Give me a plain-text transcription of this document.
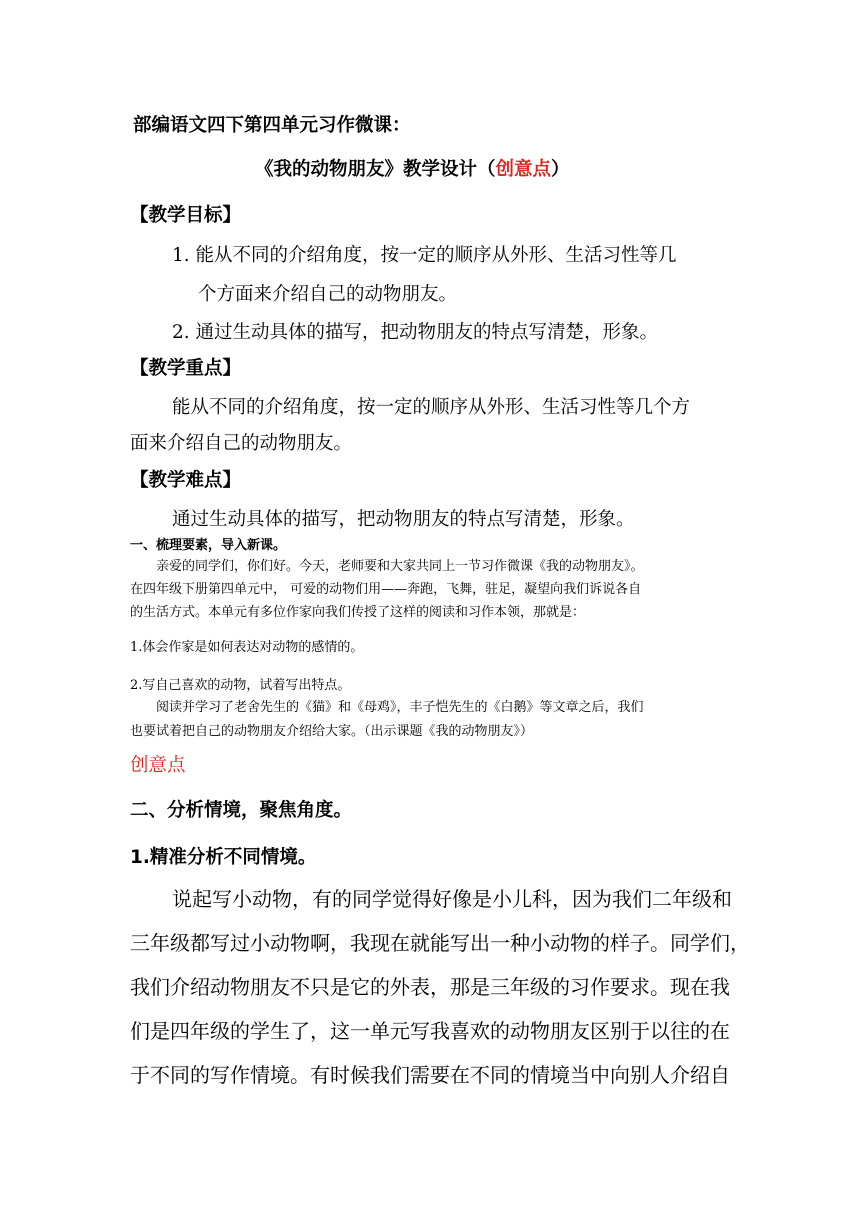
部编语文四下第四单元习作微课：

《我的动物朋友》教学设计（创意点）

【教学目标】

1. 能从不同的介绍角度，按一定的顺序从外形、生活习性等几

个方面来介绍自己的动物朋友。

2. 通过生动具体的描写，把动物朋友的特点写清楚，形象。

【教学重点】

能从不同的介绍角度，按一定的顺序从外形、生活习性等几个方

面来介绍自己的动物朋友。

【教学难点】

通过生动具体的描写，把动物朋友的特点写清楚，形象。

一、梳理要素，导入新课。

亲爱的同学们，你们好。今天，老师要和大家共同上一节习作微课《我的动物朋友》。

在四年级下册第四单元中， 可爱的动物们用——奔跑，飞舞，驻足，凝望向我们诉说各自

的生活方式。本单元有多位作家向我们传授了这样的阅读和习作本领，那就是：

1.体会作家是如何表达对动物的感情的。

2.写自己喜欢的动物，试着写出特点。

阅读并学习了老舍先生的《猫》和《母鸡》，丰子恺先生的《白鹅》等文章之后，我们

也要试着把自己的动物朋友介绍给大家。（出示课题《我的动物朋友》）

创意点

二、分析情境，聚焦角度。

1.精准分析不同情境。

说起写小动物，有的同学觉得好像是小儿科，因为我们二年级和

三年级都写过小动物啊，我现在就能写出一种小动物的样子。同学们，

我们介绍动物朋友不只是它的外表，那是三年级的习作要求。现在我

们是四年级的学生了，这一单元写我喜欢的动物朋友区别于以往的在

于不同的写作情境。有时候我们需要在不同的情境当中向别人介绍自
